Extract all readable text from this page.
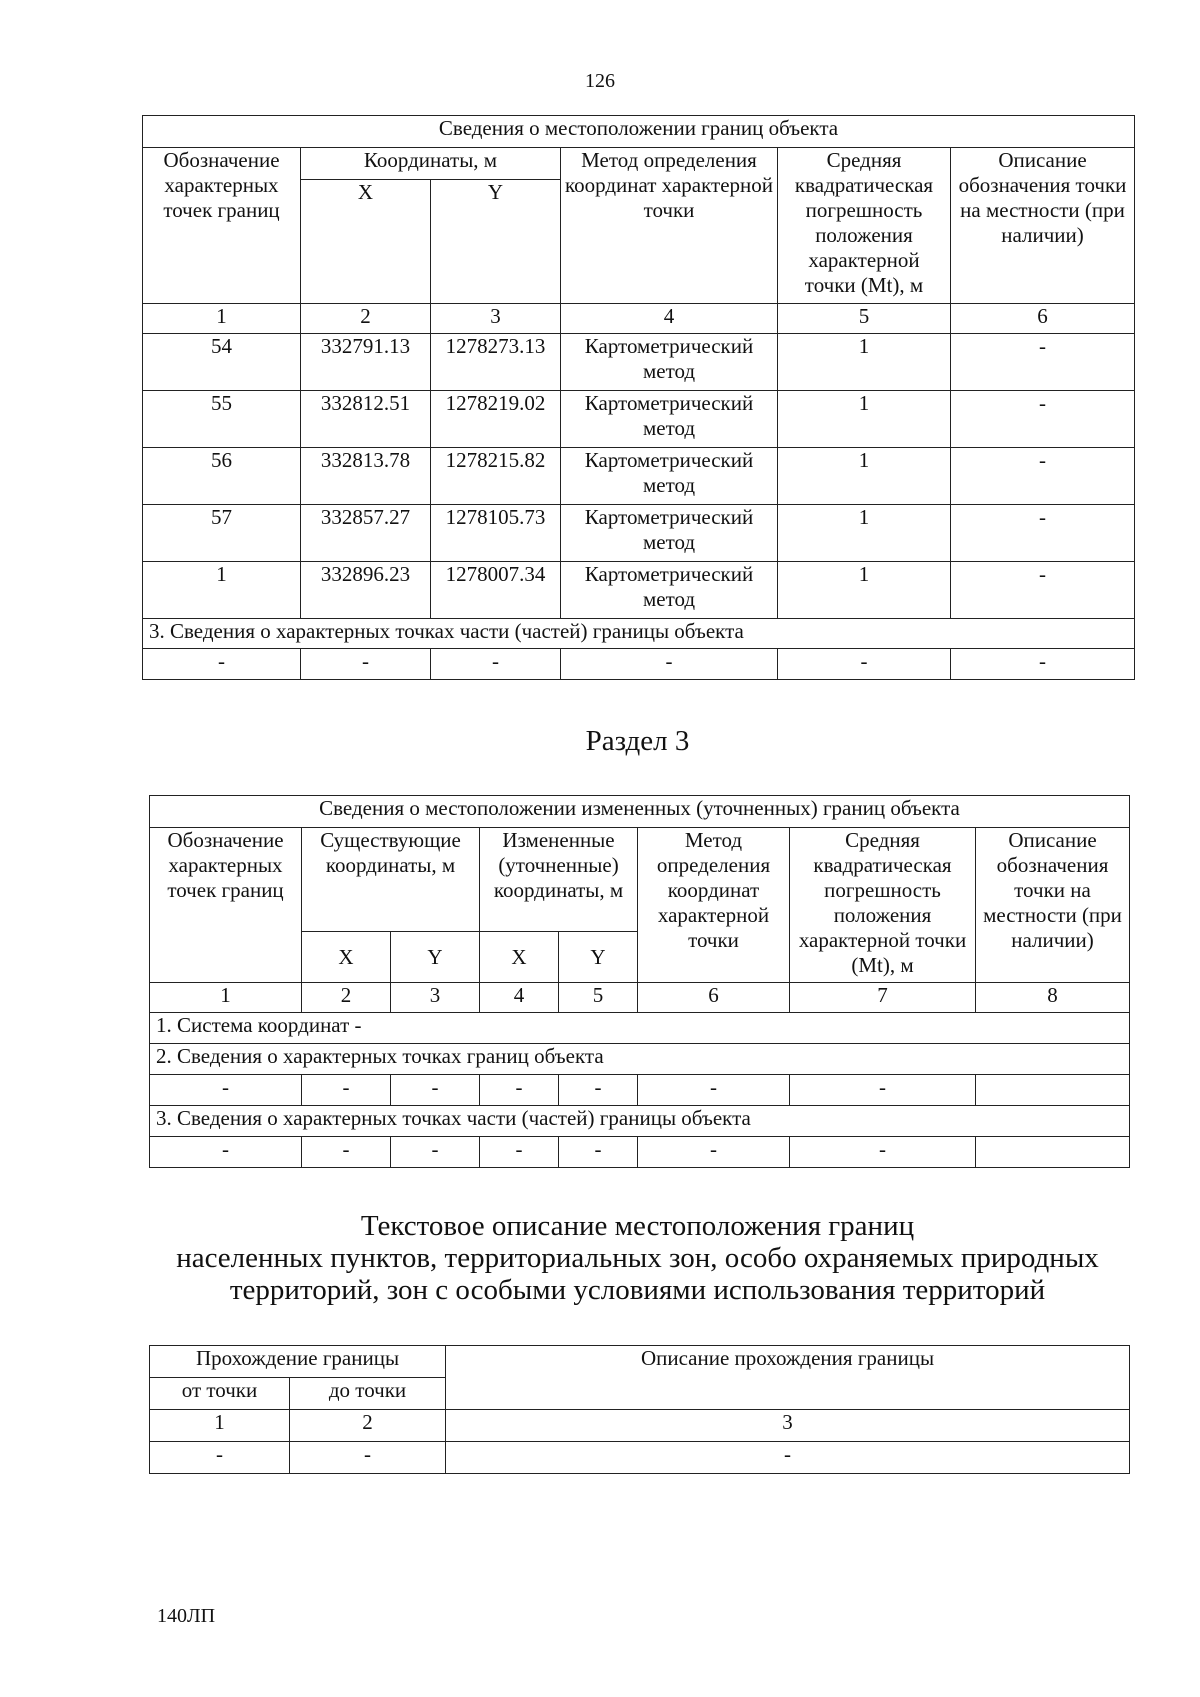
126
Сведения о местоположении границ объекта					

Обозначение характерных точек границ	Координаты, м		Метод определения координат характерной точки	Средняя квадратическая погрешность положения характерной точки (Mt), м	Описание обозначения точки на местности (при наличии)

	X	Y			
1	2	3	4	5	6
54	332791.13	1278273.13	Картометрический метод	1	-
55	332812.51	1278219.02	Картометрический метод	1	-
56	332813.78	1278215.82	Картометрический метод	1	-
57	332857.27	1278105.73	Картометрический метод	1	-
1	332896.23	1278007.34	Картометрический метод	1	-
3. Сведения о характерных точках части (частей) границы объекта					
-	-	-	-	-	-
Раздел 3
Сведения о местоположении измененных (уточненных) границ объекта							

Обозначение характерных точек границ	Существующие координаты, м		Измененные (уточненные) координаты, м		Метод определения координат характерной точки	Средняя квадратическая погрешность положения характерной точки (Mt), м	Описание обозначения точки на местности (при наличии)

	X	Y	X	Y			
1	2	3	4	5	6	7	8
1. Система координат -							
2. Сведения о характерных точках границ объекта							
-	-	-	-	-	-	-	
3. Сведения о характерных точках части (частей) границы объекта							
-	-	-	-	-	-	-	
Текстовое описание местоположения границ
населенных пунктов, территориальных зон, особо охраняемых природных
территорий, зон с особыми условиями использования территорий
Прохождение границы		Описание прохождения границы
от точки	до точки	
1	2	3
-	-	-
140ЛП
